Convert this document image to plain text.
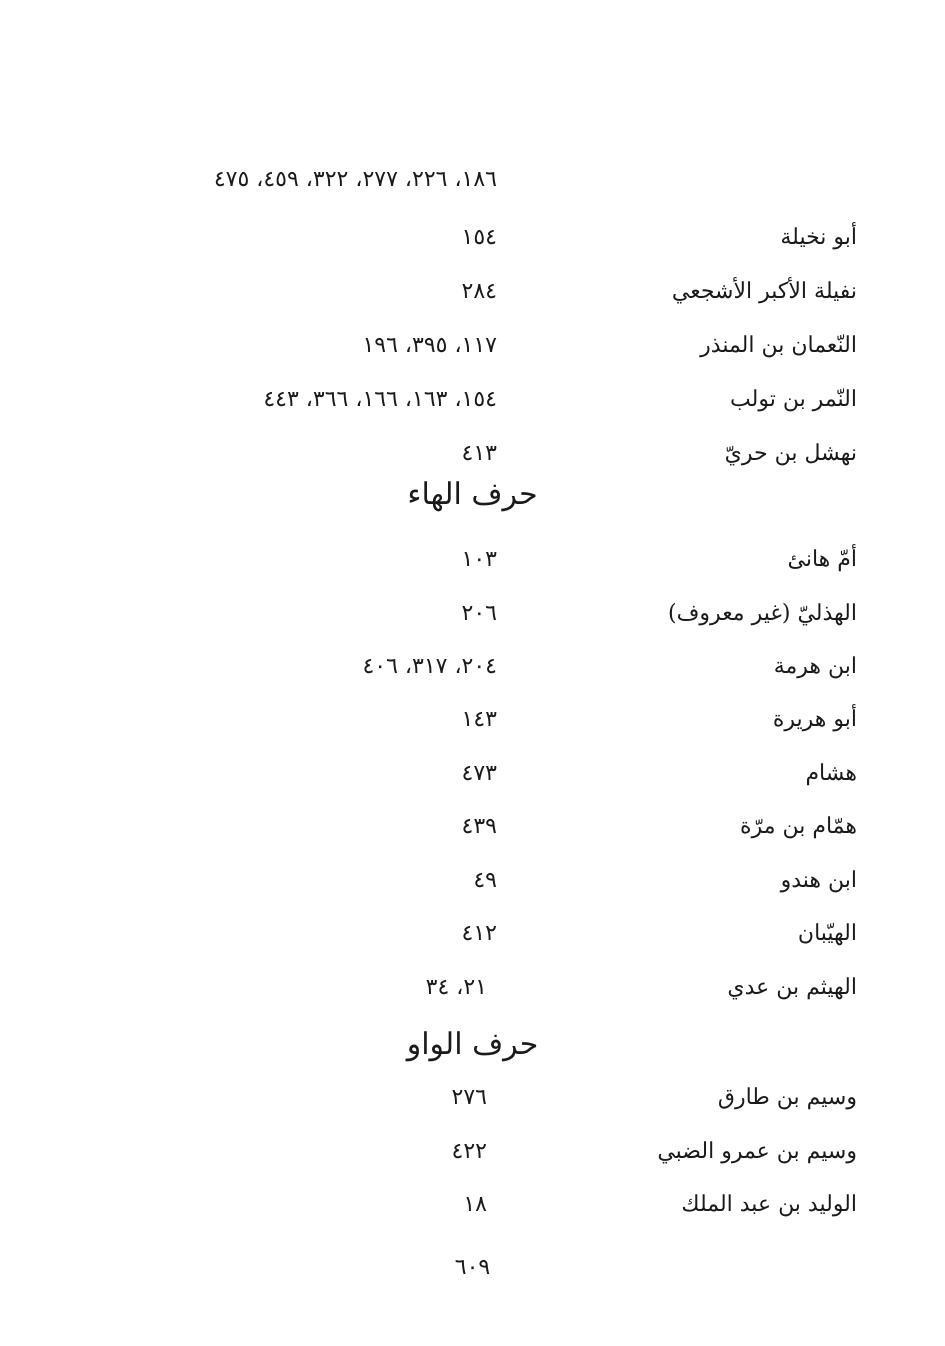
١٨٦، ٢٢٦، ٢٧٧، ٣٢٢، ٤٥٩، ٤٧٥
أبو نخيلة
١٥٤
نفيلة الأكبر الأشجعي
٢٨٤
النّعمان بن المنذر
١١٧، ٣٩٥، ١٩٦
النّمر بن تولب
١٥٤، ١٦٣، ١٦٦، ٣٦٦، ٤٤٣
نهشل بن حريّ
٤١٣
حرف الهاء
أمّ هانئ
١٠٣
الهذليّ (غير معروف)
٢٠٦
ابن هرمة
٢٠٤، ٣١٧، ٤٠٦
أبو هريرة
١٤٣
هشام
٤٧٣
همّام بن مرّة
٤٣٩
ابن هندو
٤٩
الهيّبان
٤١٢
الهيثم بن عدي
٢١، ٣٤
حرف الواو
وسيم بن طارق
٢٧٦
وسيم بن عمرو الضبي
٤٢٢
الوليد بن عبد الملك
١٨
٦٠٩
